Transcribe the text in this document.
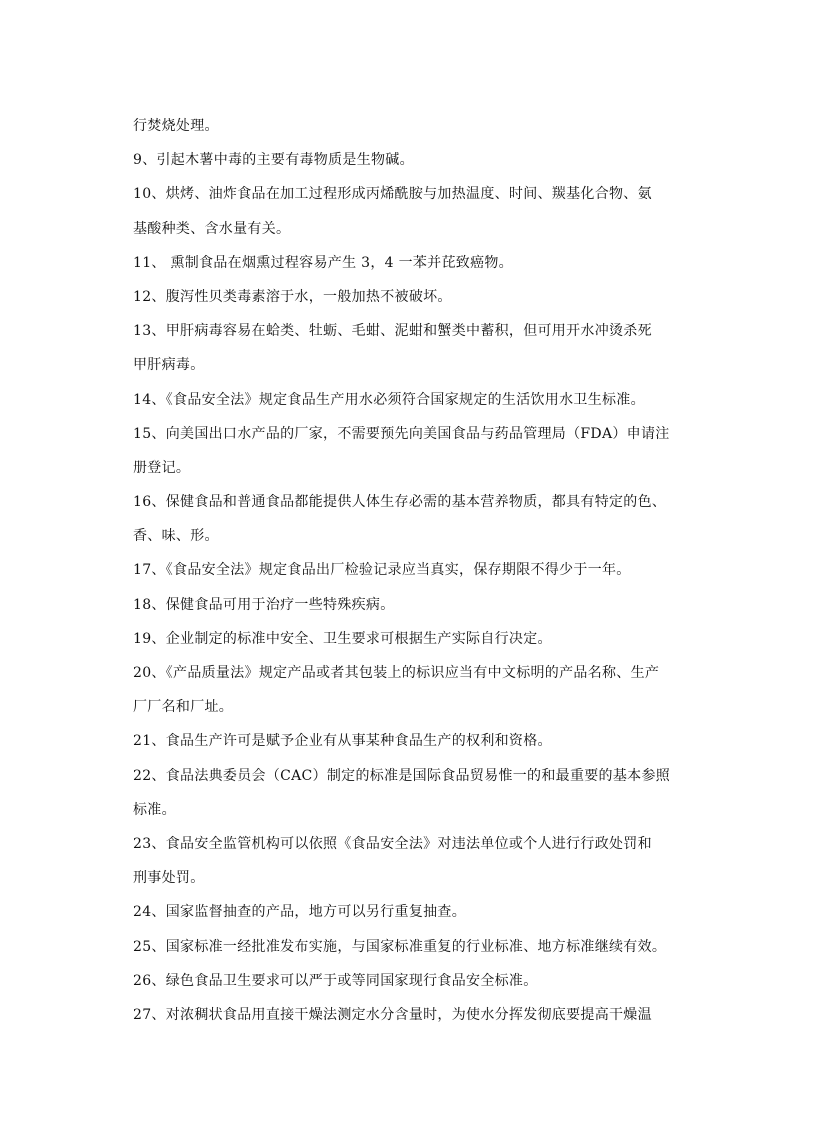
行焚烧处理。
9、引起木薯中毒的主要有毒物质是生物碱。
10、烘烤、油炸食品在加工过程形成丙烯酰胺与加热温度、时间、羰基化合物、氨
基酸种类、含水量有关。
11、 熏制食品在烟熏过程容易产生 3，4 一苯并芘致癌物。
12、腹泻性贝类毒素溶于水，一般加热不被破坏。
13、甲肝病毒容易在蛤类、牡蛎、毛蚶、泥蚶和蟹类中蓄积，但可用开水冲烫杀死
甲肝病毒。
14、《食品安全法》规定食品生产用水必须符合国家规定的生活饮用水卫生标准。
15、向美国出口水产品的厂家，不需要预先向美国食品与药品管理局（FDA）申请注
册登记。
16、保健食品和普通食品都能提供人体生存必需的基本营养物质，都具有特定的色、
香、味、形。
17、《食品安全法》规定食品出厂检验记录应当真实，保存期限不得少于一年。
18、保健食品可用于治疗一些特殊疾病。
19、企业制定的标准中安全、卫生要求可根据生产实际自行决定。
20、《产品质量法》规定产品或者其包装上的标识应当有中文标明的产品名称、生产
厂厂名和厂址。
21、食品生产许可是赋予企业有从事某种食品生产的权利和资格。
22、食品法典委员会（CAC）制定的标准是国际食品贸易惟一的和最重要的基本参照
标准。
23、食品安全监管机构可以依照《食品安全法》对违法单位或个人进行行政处罚和
刑事处罚。
24、国家监督抽查的产品，地方可以另行重复抽查。
25、国家标准一经批准发布实施，与国家标准重复的行业标准、地方标准继续有效。
26、绿色食品卫生要求可以严于或等同国家现行食品安全标准。
27、对浓稠状食品用直接干燥法测定水分含量时，为使水分挥发彻底要提高干燥温
